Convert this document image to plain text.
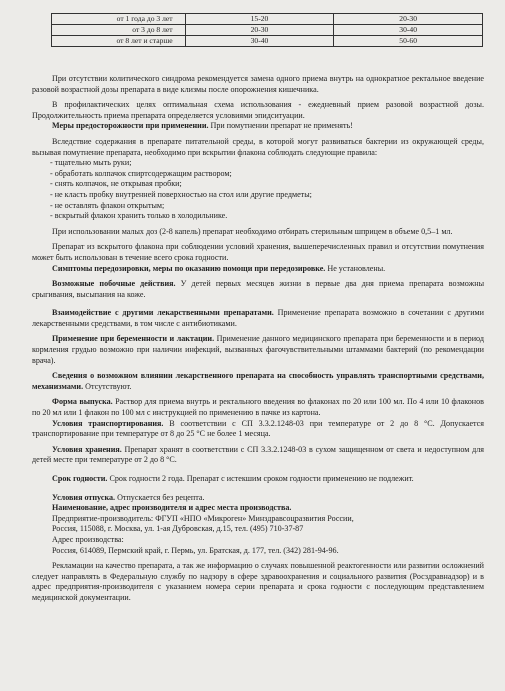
от 1 года до 3 лет	15-20	20-30
от 3 до 8 лет	20-30	30-40
от 8 лет и старше	30-40	50-60

При отсутствии колитического синдрома рекомендуется замена одного приема внутрь на однократное ректальное введение разовой возрастной дозы препарата в виде клизмы после опорожнения кишечника.

В профилактических целях оптимальная схема использования - ежедневный прием разовой возрастной дозы. Продолжительность приема препарата определяется условиями эпидситуации.

Меры предосторожности при применении. При помутнении препарат не применять!

Вследствие содержания в препарате питательной среды, в которой могут развиваться бактерии из окружающей среды, вызывая помутнение препарата, необходимо при вскрытии флакона соблюдать следующие правила:

- тщательно мыть руки;

- обработать колпачок спиртсодержащим раствором;

- снять колпачок, не открывая пробки;

- не класть пробку внутренней поверхностью на стол или другие предметы;

- не оставлять флакон открытым;

- вскрытый флакон хранить только в холодильнике.

При использовании малых доз (2-8 капель) препарат необходимо отбирать стерильным шприцем в объеме 0,5–1 мл.

Препарат из вскрытого флакона при соблюдении условий хранения, вышеперечисленных правил и отсутствии помутнения может быть использован в течение всего срока годности.

Симптомы передозировки, меры по оказанию помощи при передозировке. Не установлены.

Возможные побочные действия. У детей первых месяцев жизни в первые два дня приема препарата возможны срыгивания, высыпания на коже.

Взаимодействие с другими лекарственными препаратами. Применение препарата возможно в сочетании с другими лекарственными средствами, в том числе с антибиотиками.

Применение при беременности и лактации. Применение данного медицинского препарата при беременности и в период кормления грудью возможно при наличии инфекций, вызванных фагочувствительными штаммами бактерий (по рекомендации врача).

Сведения о возможном влиянии лекарственного препарата на способность управлять транспортными средствами, механизмами. Отсутствуют.

Форма выпуска. Раствор для приема внутрь и ректального введения во флаконах по 20 или 100 мл. По 4 или 10 флаконов по 20 мл или 1 флакон по 100 мл с инструкцией по применению в пачке из картона.

Условия транспортирования. В соответствии с СП 3.3.2.1248-03 при температуре от 2 до 8 °С. Допускается транспортирование при температуре от 8 до 25 °С не более 1 месяца.

Условия хранения. Препарат хранят в соответствии с СП 3.3.2.1248-03 в сухом защищенном от света и недоступном для детей месте при температуре от 2 до 8 °С.

Срок годности. Срок годности 2 года. Препарат с истекшим сроком годности применению не подлежит.

Условия отпуска. Отпускается без рецепта.

Наименование, адрес производителя и адрес места производства.

Предприятие-производитель: ФГУП «НПО «Микроген» Минздравсоцразвития России,

Россия, 115088, г. Москва, ул. 1-ая Дубровская, д.15, тел. (495) 710-37-87

Адрес производства:

Россия, 614089, Пермский край, г. Пермь, ул. Братская, д. 177, тел. (342) 281-94-96.

Рекламации на качество препарата, а так же информацию о случаях повышенной реактогенности или развитии осложнений следует направлять в Федеральную службу по надзору в сфере здравоохранения и социального развития (Росздравнадзор) и в адрес предприятия-производителя с указанием номера серии препарата и срока годности с последующим представлением медицинской документации.
